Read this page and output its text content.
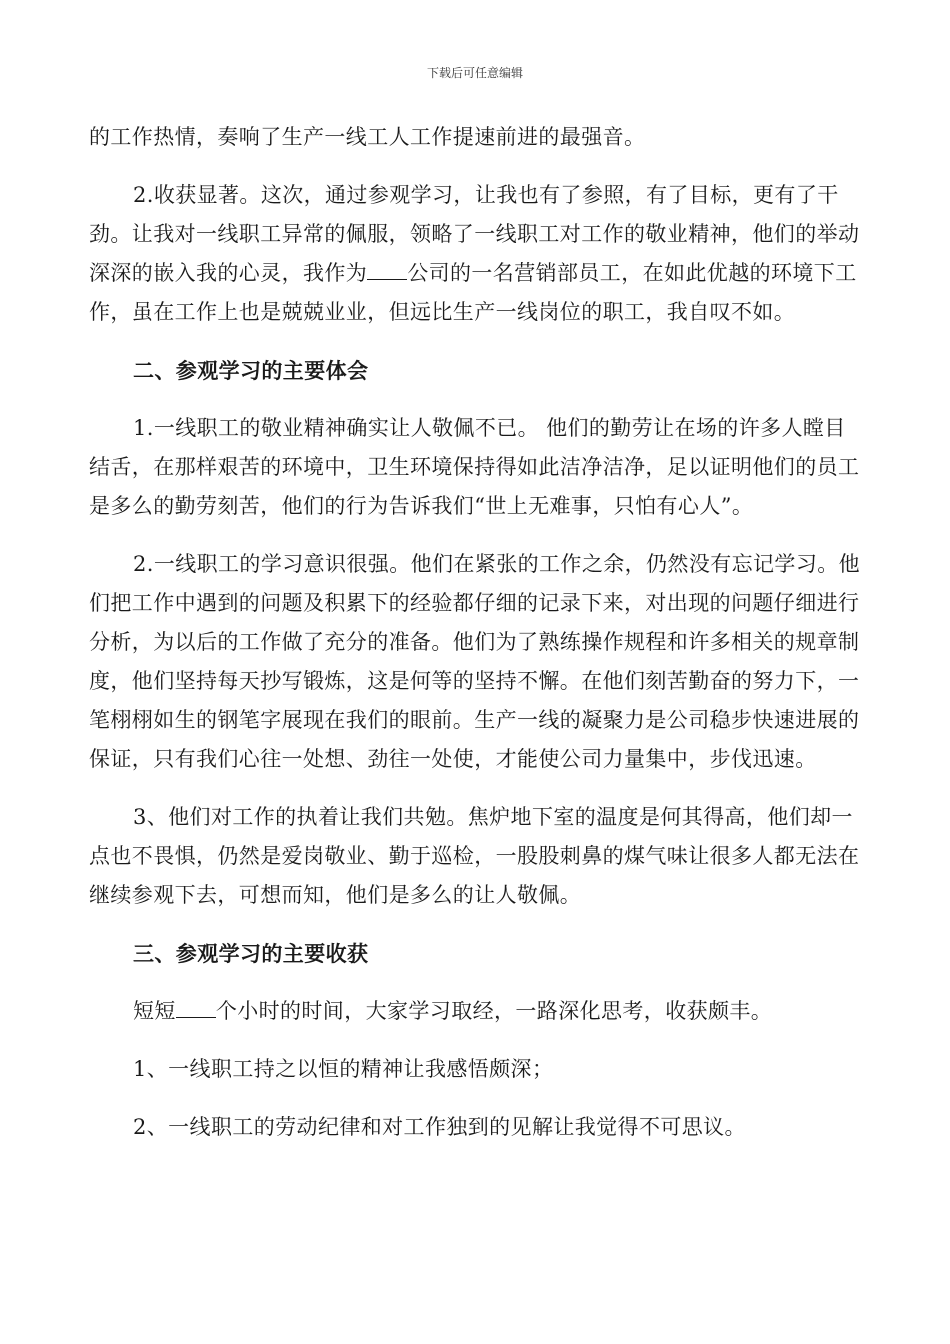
下载后可任意编辑

的工作热情，奏响了生产一线工人工作提速前进的最强音。

2.收获显著。这次，通过参观学习，让我也有了参照，有了目标，更有了干劲。让我对一线职工异常的佩服，领略了一线职工对工作的敬业精神，他们的举动深深的嵌入我的心灵，我作为 公司的一名营销部员工，在如此优越的环境下工作，虽在工作上也是兢兢业业，但远比生产一线岗位的职工，我自叹不如。

二、参观学习的主要体会

1.一线职工的敬业精神确实让人敬佩不已。 他们的勤劳让在场的许多人瞠目结舌，在那样艰苦的环境中，卫生环境保持得如此洁净洁净，足以证明他们的员工是多么的勤劳刻苦，他们的行为告诉我们“世上无难事，只怕有心人”。

2.一线职工的学习意识很强。他们在紧张的工作之余，仍然没有忘记学习。他们把工作中遇到的问题及积累下的经验都仔细的记录下来，对出现的问题仔细进行分析，为以后的工作做了充分的准备。他们为了熟练操作规程和许多相关的规章制度，他们坚持每天抄写锻炼，这是何等的坚持不懈。在他们刻苦勤奋的努力下，一笔栩栩如生的钢笔字展现在我们的眼前。生产一线的凝聚力是公司稳步快速进展的保证，只有我们心往一处想、劲往一处使，才能使公司力量集中，步伐迅速。

3、他们对工作的执着让我们共勉。焦炉地下室的温度是何其得高，他们却一点也不畏惧，仍然是爱岗敬业、勤于巡检，一股股刺鼻的煤气味让很多人都无法在继续参观下去，可想而知，他们是多么的让人敬佩。

三、参观学习的主要收获

短短 个小时的时间，大家学习取经，一路深化思考，收获颇丰。

1、一线职工持之以恒的精神让我感悟颇深；

2、一线职工的劳动纪律和对工作独到的见解让我觉得不可思议。
